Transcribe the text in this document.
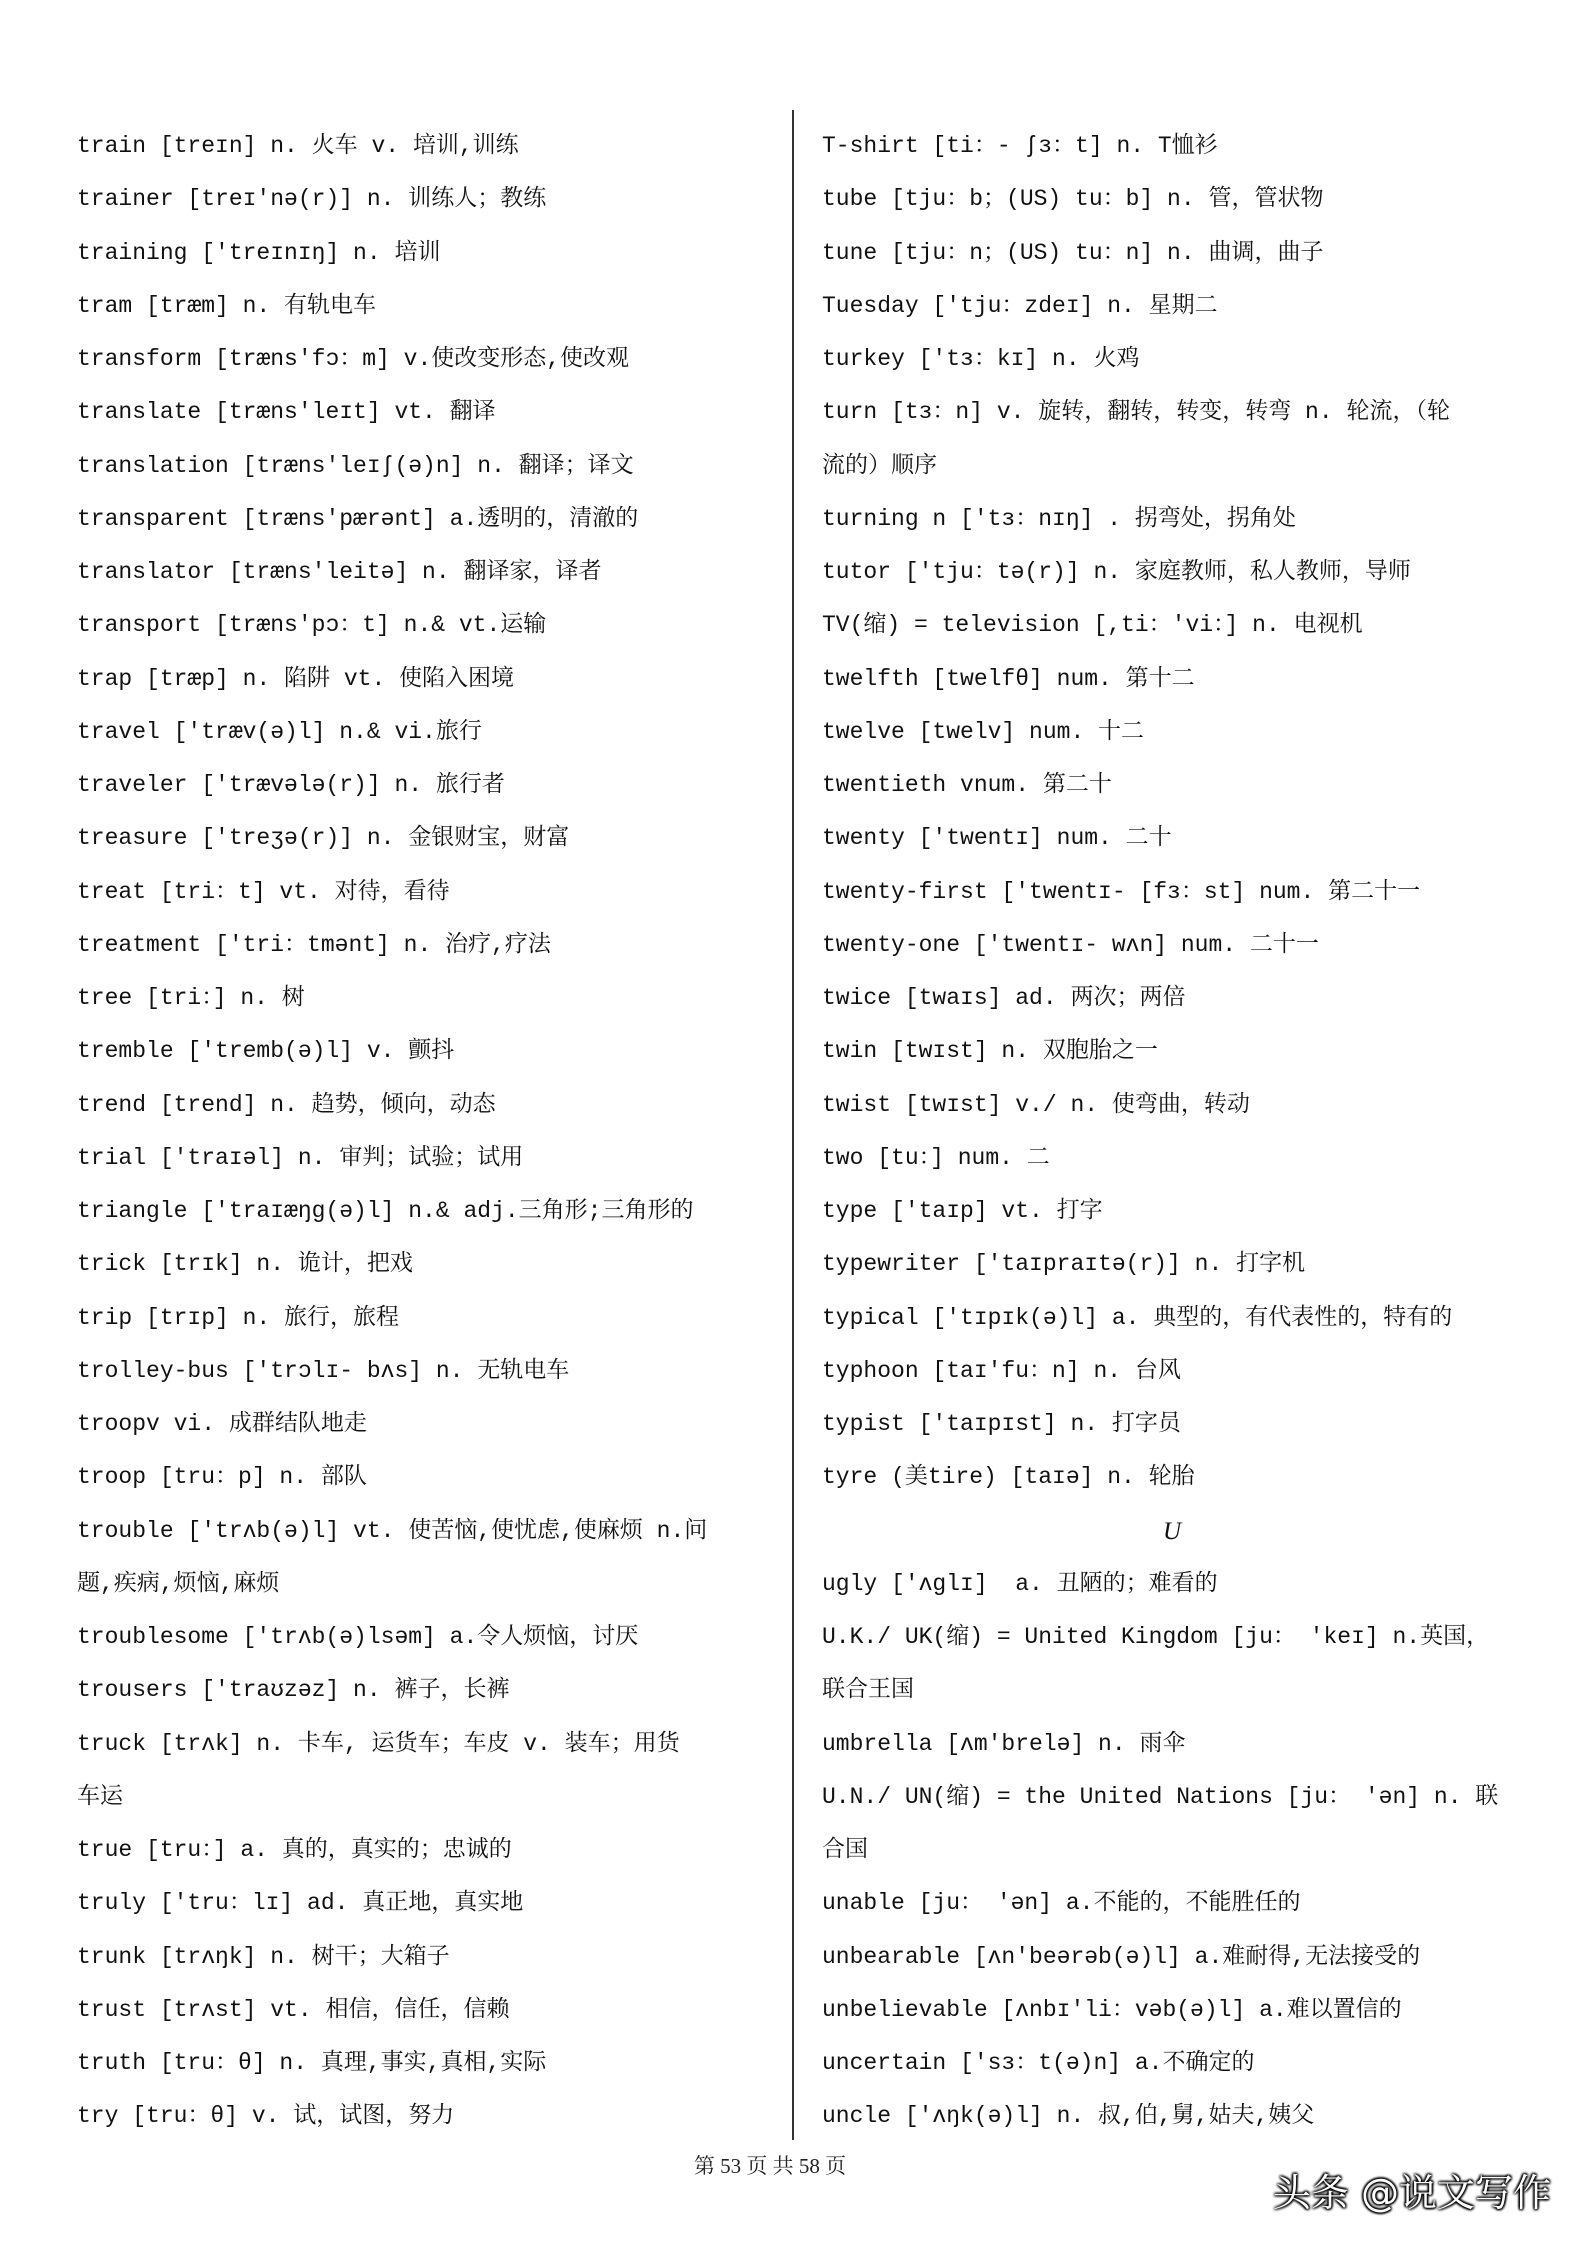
train [treɪn] n. 火车 v. 培训,训练
trainer [treɪ'nə(r)] n. 训练人；教练
training ['treɪnɪŋ] n. 培训
tram [træm] n. 有轨电车
transform [træns'fɔ：m] v.使改变形态,使改观
translate [træns'leɪt] vt. 翻译
translation [træns'leɪʃ(ə)n] n. 翻译；译文
transparent [træns'pærənt] a.透明的，清澈的
translator [træns'leitə] n. 翻译家，译者
transport [træns'pɔ：t] n.& vt.运输
trap [træp] n. 陷阱 vt. 使陷入困境
travel ['træv(ə)l] n.& vi.旅行
traveler ['trævələ(r)] n. 旅行者
treasure ['treʒə(r)] n. 金银财宝，财富
treat [tri：t] vt. 对待，看待
treatment ['tri：tmənt] n. 治疗,疗法
tree [tri：] n. 树
tremble ['tremb(ə)l] v. 颤抖
trend [trend] n. 趋势，倾向，动态
trial ['traɪəl] n. 审判；试验；试用
triangle ['traɪæŋg(ə)l] n.& adj.三角形;三角形的
trick [trɪk] n. 诡计，把戏
trip [trɪp] n. 旅行，旅程
trolley-bus ['trɔlɪ- bʌs] n. 无轨电车
troopv vi. 成群结队地走
troop [tru：p] n. 部队
trouble ['trʌb(ə)l] vt. 使苦恼,使忧虑,使麻烦 n.问
题,疾病,烦恼,麻烦
troublesome ['trʌb(ə)lsəm] a.令人烦恼，讨厌
trousers ['traʊzəz] n. 裤子，长裤
truck [trʌk] n. 卡车, 运货车；车皮 v. 装车；用货
车运
true [tru：] a. 真的，真实的；忠诚的
truly ['tru：lɪ] ad. 真正地，真实地
trunk [trʌŋk] n. 树干；大箱子
trust [trʌst] vt. 相信，信任，信赖
truth [tru：θ] n. 真理,事实,真相,实际
try [tru：θ] v. 试，试图，努力
T-shirt [ti：- ʃɜ：t] n. T恤衫
tube [tju：b；(US) tu：b] n. 管，管状物
tune [tju：n；(US) tu：n] n. 曲调，曲子
Tuesday ['tju：zdeɪ] n. 星期二
turkey ['tɜ：kɪ] n. 火鸡
turn [tɜ：n] v. 旋转，翻转，转变，转弯 n. 轮流，（轮
流的）顺序
turning n ['tɜ：nɪŋ] . 拐弯处，拐角处
tutor ['tju：tə(r)] n. 家庭教师，私人教师，导师
TV(缩) = television [,ti：'vi：] n. 电视机
twelfth [twelfθ] num. 第十二
twelve [twelv] num. 十二
twentieth vnum. 第二十
twenty ['twentɪ] num. 二十
twenty-first ['twentɪ- [fɜ：st] num. 第二十一
twenty-one ['twentɪ- wʌn] num. 二十一
twice [twaɪs] ad. 两次；两倍
twin [twɪst] n. 双胞胎之一
twist [twɪst] v./ n. 使弯曲，转动
two [tu：] num. 二
type ['taɪp] vt. 打字
typewriter ['taɪpraɪtə(r)] n. 打字机
typical ['tɪpɪk(ə)l] a. 典型的，有代表性的，特有的
typhoon [taɪ'fu：n] n. 台风
typist ['taɪpɪst] n. 打字员
tyre (美tire) [taɪə] n. 轮胎
U
ugly ['ʌglɪ]  a. 丑陋的；难看的
U.K./ UK(缩) = United Kingdom [ju： 'keɪ] n.英国，
联合王国
umbrella [ʌm'brelə] n. 雨伞
U.N./ UN(缩) = the United Nations [ju： 'ən] n. 联
合国
unable [ju： 'ən] a.不能的，不能胜任的
unbearable [ʌn'beərəb(ə)l] a.难耐得,无法接受的
unbelievable [ʌnbɪ'li：vəb(ə)l] a.难以置信的
uncertain ['sɜ：t(ə)n] a.不确定的
uncle ['ʌŋk(ə)l] n. 叔,伯,舅,姑夫,姨父
第 53 页 共 58 页
头条 @说文写作
